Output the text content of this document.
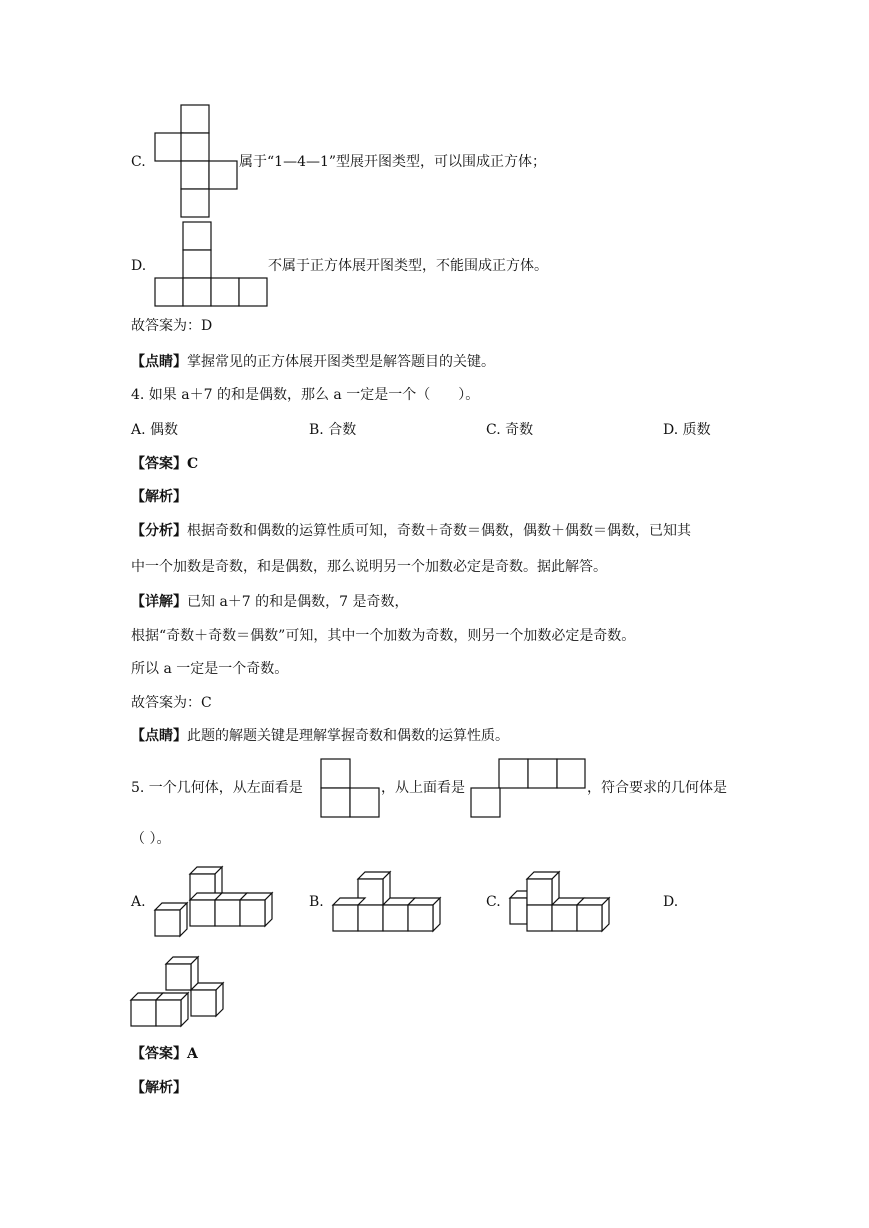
C.	属于“1—4—1”型展开图类型，可以围成正方体；
D.	不属于正方体展开图类型，不能围成正方体。
故答案为：D
【点睛】掌握常见的正方体展开图类型是解答题目的关键。
4. 如果 a＋7 的和是偶数，那么 a 一定是一个（　　）。
A. 偶数	B. 合数	C. 奇数	D. 质数
【答案】C
【解析】
【分析】根据奇数和偶数的运算性质可知，奇数＋奇数＝偶数，偶数＋偶数＝偶数，已知其
中一个加数是奇数，和是偶数，那么说明另一个加数必定是奇数。据此解答。
【详解】已知 a＋7 的和是偶数，7 是奇数，
根据“奇数＋奇数＝偶数”可知，其中一个加数为奇数，则另一个加数必定是奇数。
所以 a 一定是一个奇数。
故答案为：C
【点睛】此题的解题关键是理解掌握奇数和偶数的运算性质。
5. 一个几何体，从左面看是	，从上面看是	，符合要求的几何体是
（ ）。
A.	B.	C.	D.
【答案】A
【解析】
